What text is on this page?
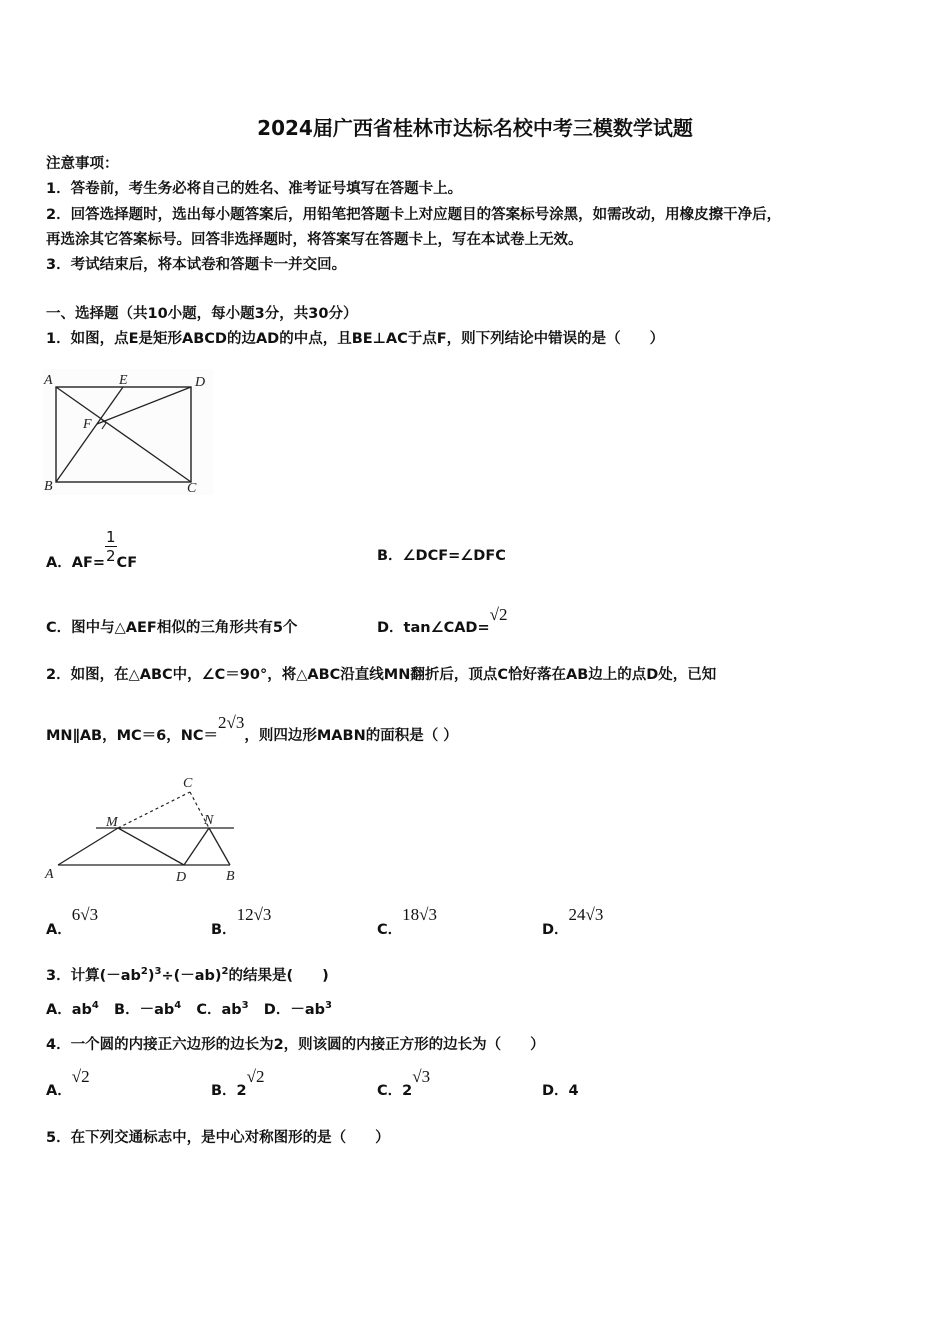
2024届广西省桂林市达标名校中考三模数学试题
注意事项：
1．答卷前，考生务必将自己的姓名、准考证号填写在答题卡上。
2．回答选择题时，选出每小题答案后，用铅笔把答题卡上对应题目的答案标号涂黑，如需改动，用橡皮擦干净后，
再选涂其它答案标号。回答非选择题时，将答案写在答题卡上，写在本试卷上无效。
3．考试结束后，将本试卷和答题卡一并交回。
一、选择题（共10小题，每小题3分，共30分）
1．如图，点E是矩形ABCD的边AD的中点，且BE⊥AC于点F，则下列结论中错误的是（　　）
A	E	D
F
B	C
A．$AF= \frac{1}{2}$ CF	B．∠DCF=∠DFC
C．图中与△AEF相似的三角形共有5个	D．tan∠CAD=√2
2．如图，在△ABC中，∠C＝90°，将△ABC沿直线MN翻折后，顶点C恰好落在AB边上的点D处，已知
MN∥AB，MC＝6，NC＝2√3，则四边形MABN的面积是（ ）
C
M	N
A	D	B
A．6√3
B．12√3
C．18√3
D．24√3
3．计算$(-ab^2)^3\div(-ab)^2$的结果是(　　)
A．$ab^4$ B．$-ab^4$ C．$ab^3$ D．$-ab^3$
4．一个圆的内接正六边形的边长为2，则该圆的内接正方形的边长为（　　）
A．√2
B．2√2
C．2√3
D．4
5．在下列交通标志中，是中心对称图形的是（　　）
